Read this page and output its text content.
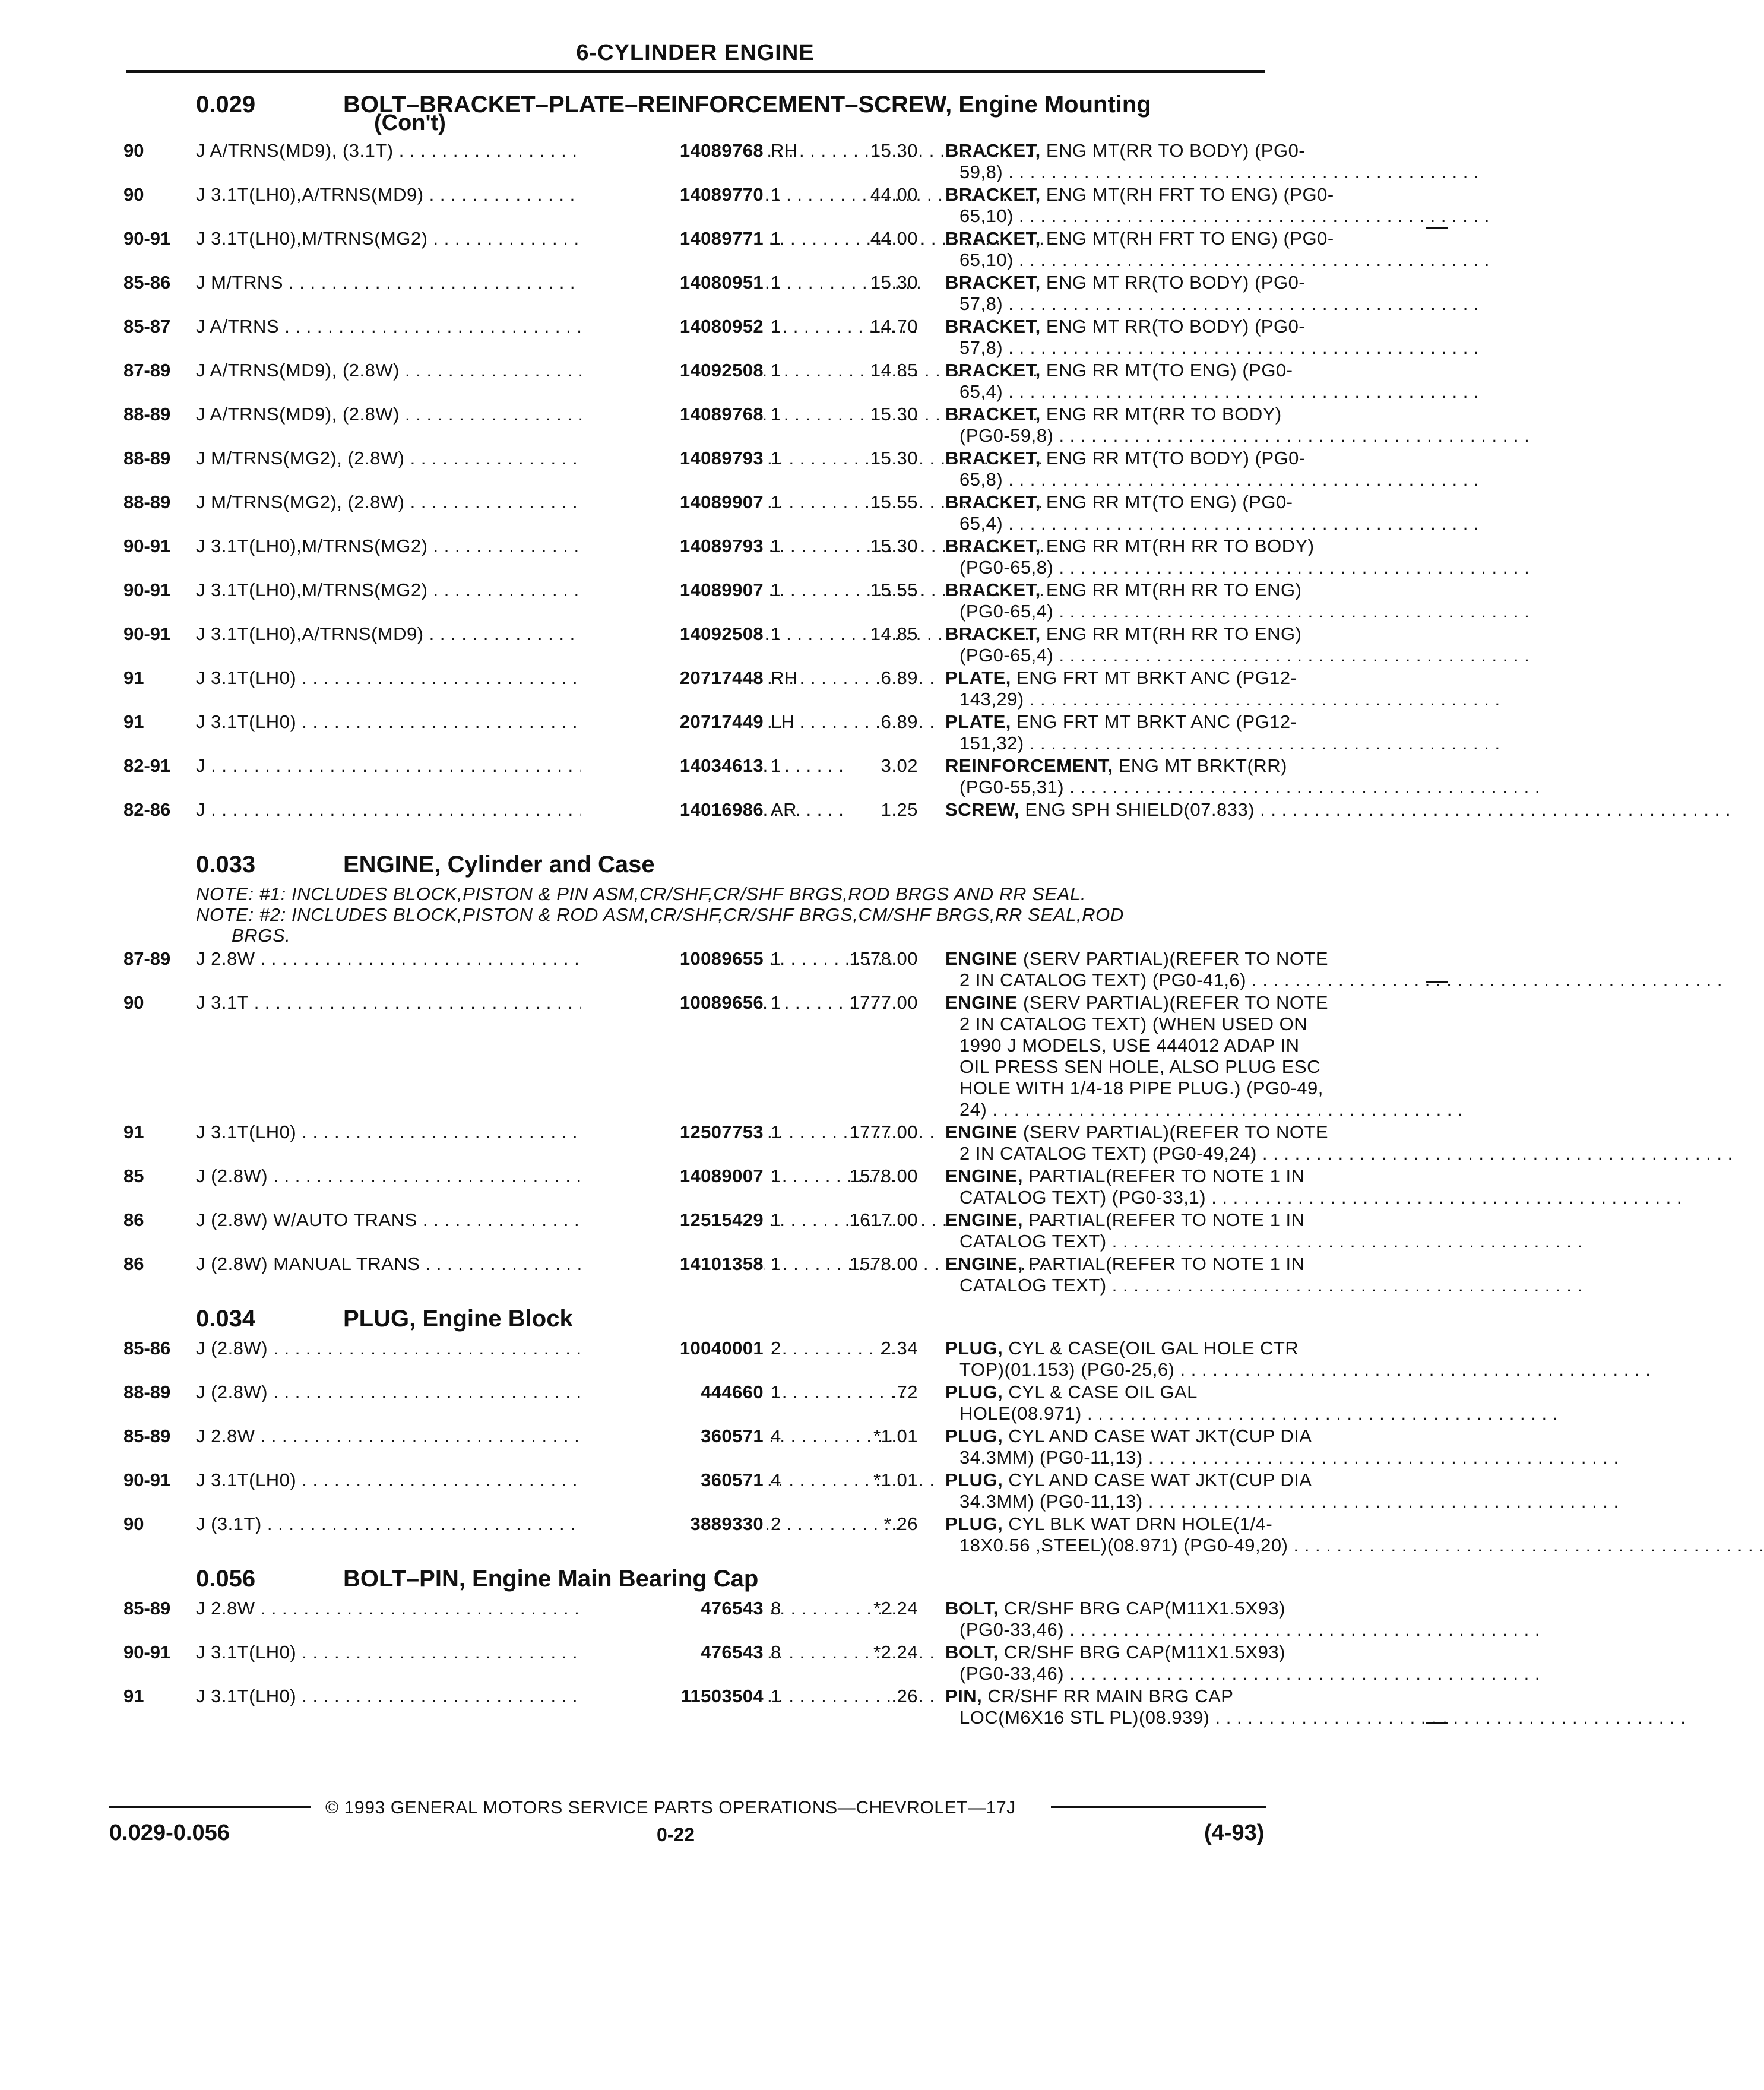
6-CYLINDER ENGINE
0.029	BOLT–BRACKET–PLATE–REINFORCEMENT–SCREW, Engine Mounting
(Con't)
90	J A/TRNS(MD9), (3.1T) . . .	14089768 RH	15.30 BRACKET, ENG MT(RR TO BODY) (PG0-
59,8) . . .
90	J 3.1T(LH0),A/TRNS(MD9) . . .	14089770 1	44.00 BRACKET, ENG MT(RH FRT TO ENG) (PG0-
65,10) . . .
90-91	J 3.1T(LH0),M/TRNS(MG2) . . .	14089771 1	44.00 BRACKET, ENG MT(RH FRT TO ENG) (PG0-
65,10) . . .
85-86	J M/TRNS . . .	14080951 1	15.30 BRACKET, ENG MT RR(TO BODY) (PG0-
57,8) . . .
85-87	J A/TRNS . . .	14080952 1	14.70 BRACKET, ENG MT RR(TO BODY) (PG0-
57,8) . . .
87-89	J A/TRNS(MD9), (2.8W) . . .	14092508 1	14.85 BRACKET, ENG RR MT(TO ENG) (PG0-
65,4) . . .
88-89	J A/TRNS(MD9), (2.8W) . . .	14089768 1	15.30 BRACKET, ENG RR MT(RR TO BODY)
(PG0-59,8) . . .
88-89	J M/TRNS(MG2), (2.8W) . . .	14089793 1	15.30 BRACKET, ENG RR MT(TO BODY) (PG0-
65,8) . . .
88-89	J M/TRNS(MG2), (2.8W) . . .	14089907 1	15.55 BRACKET, ENG RR MT(TO ENG) (PG0-
65,4) . . .
90-91	J 3.1T(LH0),M/TRNS(MG2) . . .	14089793 1	15.30 BRACKET, ENG RR MT(RH RR TO BODY)
(PG0-65,8) . . .
90-91	J 3.1T(LH0),M/TRNS(MG2) . . .	14089907 1	15.55 BRACKET, ENG RR MT(RH RR TO ENG)
(PG0-65,4) . . .
90-91	J 3.1T(LH0),A/TRNS(MD9) . . .	14092508 1	14.85 BRACKET, ENG RR MT(RH RR TO ENG)
(PG0-65,4) . . .
91	J 3.1T(LH0) . . .	20717448 RH	6.89 PLATE, ENG FRT MT BRKT ANC (PG12-
143,29) . . .
91	J 3.1T(LH0) . . .	20717449 LH	6.89 PLATE, ENG FRT MT BRKT ANC (PG12-
151,32) . . .
82-91	J . . .	14034613 1	3.02 REINFORCEMENT, ENG MT BRKT(RR)
(PG0-55,31) . . .
82-86	J . . .	14016986 AR	1.25 SCREW, ENG SPH SHIELD(07.833) . . .
0.033	ENGINE, Cylinder and Case
NOTE: #1: INCLUDES BLOCK,PISTON & PIN ASM,CR/SHF,CR/SHF BRGS,ROD BRGS AND RR SEAL.
NOTE: #2: INCLUDES BLOCK,PISTON & ROD ASM,CR/SHF,CR/SHF BRGS,CM/SHF BRGS,RR SEAL,ROD
BRGS.
87-89	J 2.8W . . .	10089655 1	1578.00 ENGINE (SERV PARTIAL)(REFER TO NOTE
2 IN CATALOG TEXT) (PG0-41,6) . . .
90	J 3.1T . . .	10089656 1	1777.00 ENGINE (SERV PARTIAL)(REFER TO NOTE
2 IN CATALOG TEXT) (WHEN USED ON
1990 J MODELS, USE 444012 ADAP IN
OIL PRESS SEN HOLE, ALSO PLUG ESC
HOLE WITH 1/4-18 PIPE PLUG.) (PG0-49,
24) . . .
91	J 3.1T(LH0) . . .	12507753 1	1777.00 ENGINE (SERV PARTIAL)(REFER TO NOTE
2 IN CATALOG TEXT) (PG0-49,24) . . .
85	J (2.8W) . . .	14089007 1	1578.00 ENGINE, PARTIAL(REFER TO NOTE 1 IN
CATALOG TEXT) (PG0-33,1) . . .
86	J (2.8W) W/AUTO TRANS . . .	12515429 1	1617.00 ENGINE, PARTIAL(REFER TO NOTE 1 IN
CATALOG TEXT) . . .
86	J (2.8W) MANUAL TRANS . . .	14101358 1	1578.00 ENGINE, PARTIAL(REFER TO NOTE 1 IN
CATALOG TEXT) . . .
0.034	PLUG, Engine Block
85-86	J (2.8W) . . .	10040001 2	2.34 PLUG, CYL & CASE(OIL GAL HOLE CTR
TOP)(01.153) (PG0-25,6) . . .
88-89	J (2.8W) . . .	444660 1	.72 PLUG, CYL & CASE OIL GAL
HOLE(08.971) . . .
85-89	J 2.8W . . .	360571 4	*1.01 PLUG, CYL AND CASE WAT JKT(CUP DIA
34.3MM) (PG0-11,13) . . .
90-91	J 3.1T(LH0) . . .	360571 4	*1.01 PLUG, CYL AND CASE WAT JKT(CUP DIA
34.3MM) (PG0-11,13) . . .
90	J (3.1T) . . .	3889330 2	*.26 PLUG, CYL BLK WAT DRN HOLE(1/4-
18X0.56 ,STEEL)(08.971) (PG0-49,20) . . .
0.056	BOLT–PIN, Engine Main Bearing Cap
85-89	J 2.8W . . .	476543 8	*2.24 BOLT, CR/SHF BRG CAP(M11X1.5X93)
(PG0-33,46) . . .
90-91	J 3.1T(LH0) . . .	476543 8	*2.24 BOLT, CR/SHF BRG CAP(M11X1.5X93)
(PG0-33,46) . . .
91	J 3.1T(LH0) . . .	11503504 1	.26 PIN, CR/SHF RR MAIN BRG CAP
LOC(M6X16 STL PL)(08.939) . . .
© 1993 GENERAL MOTORS SERVICE PARTS OPERATIONS—CHEVROLET—17J
0.029-0.056	0-22	(4-93)
